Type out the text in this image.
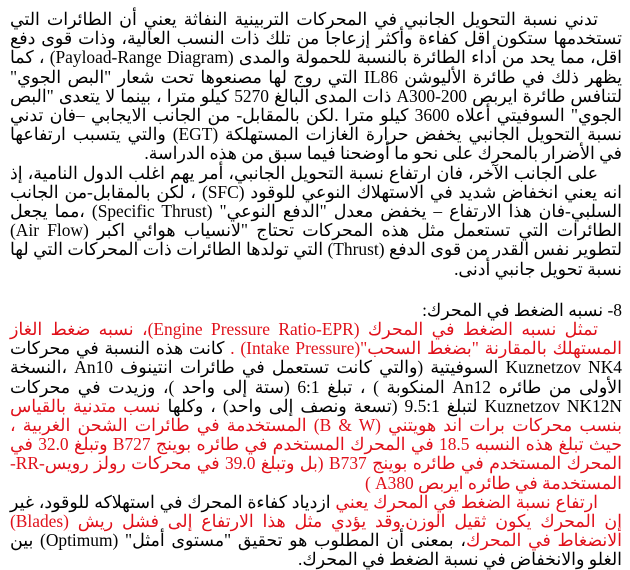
تدني نسبة التحويل الجانبي في المحركات التربينية النفاثة يعني أن الطائرات التي تستخدمها ستكون اقل كفاءة وأكثر إزعاجا من تلك ذات النسب العالية، وذات قوى دفع اقل، مما يحد من أداء الطائرة بالنسبة للحمولة والمدى (Payload-Range Diagram) ، كما يظهر ذلك في طائرة الأليوشن IL86 التي روج لها مصنعوها تحت شعار "البص الجوي" لتنافس طائرة ايربص A300-200 ذات المدى البالغ 5270 كيلو مترا ، بينما لا يتعدى "البص الجوي" السوفيتي أعلاه 3600 كيلو مترا .لكن بالمقابل- من الجانب الايجابي –فان تدني نسبة التحويل الجانبي يخفض حرارة الغازات المستهلكة (EGT) والتي يتسبب ارتفاعها في الأضرار بالمحرك على نحو ما أوضحنا فيما سبق من هذه الدراسة.

على الجانب الآخر، فان ارتفاع نسبة التحويل الجانبي، أمر يهم اغلب الدول النامية، إذ انه يعني انخفاض شديد في الاستهلاك النوعي للوقود (SFC) ، لكن بالمقابل-من الجانب السلبي-فان هذا الارتفاع – يخفض معدل "الدفع النوعي" (Specific Thrust) ،مما يجعل الطائرات التي تستعمل مثل هذه المحركات تحتاج "لانسياب هوائي اكبر (Air Flow) لتطوير نفس القدر من قوى الدفع (Thrust) التي تولدها الطائرات ذات المحركات التي لها نسبة تحويل جانبي أدنى.

8- نسبه الضغط في المحرك:

تمثل نسبه الضغط في المحرك (Engine Pressure Ratio-EPR)، نسبه ضغط الغاز المستهلك بالمقارنة "بضغط السحب"(Intake Pressure) . كانت هذه النسبة في محركات Kuznetzov NK4 السوفيتية (والتي كانت تستعمل في طائرات انتينوف An10 ،النسخة الأولى من طائره An12 المنكوبة ) ، تبلغ 6:1 (ستة إلى واحد )، وزيدت في محركات Kuznetzov NK12N لتبلغ 9.5:1 (تسعة ونصف إلى واحد) ، وكلها نسب متدنية بالقياس بنسب محركات برات اند هويتني (B & W) المستخدمة في طائرات الشحن الغربية ، حيث تبلغ هذه النسبه 18.5 في المحرك المستخدم في طائره بوينج B727 وتبلغ 32.0 في المحرك المستخدم في طائره بوينج B737 (بل وتبلغ 39.0 في محركات رولز رويس-RR- المستخدمة في طائره ايربص A380 )

ارتفاع نسبة الضغط في المحرك يعني ازدياد كفاءة المحرك في استهلاكه للوقود، غير إن المحرك يكون ثقيل الوزن.وقد يؤدي مثل هذا الارتفاع إلى فشل ريش (Blades) الانضغاط في المحرك، بمعنى أن المطلوب هو تحقيق "مستوى أمثل" (Optimum) بين الغلو والانخفاض في نسبة الضغط في المحرك.
